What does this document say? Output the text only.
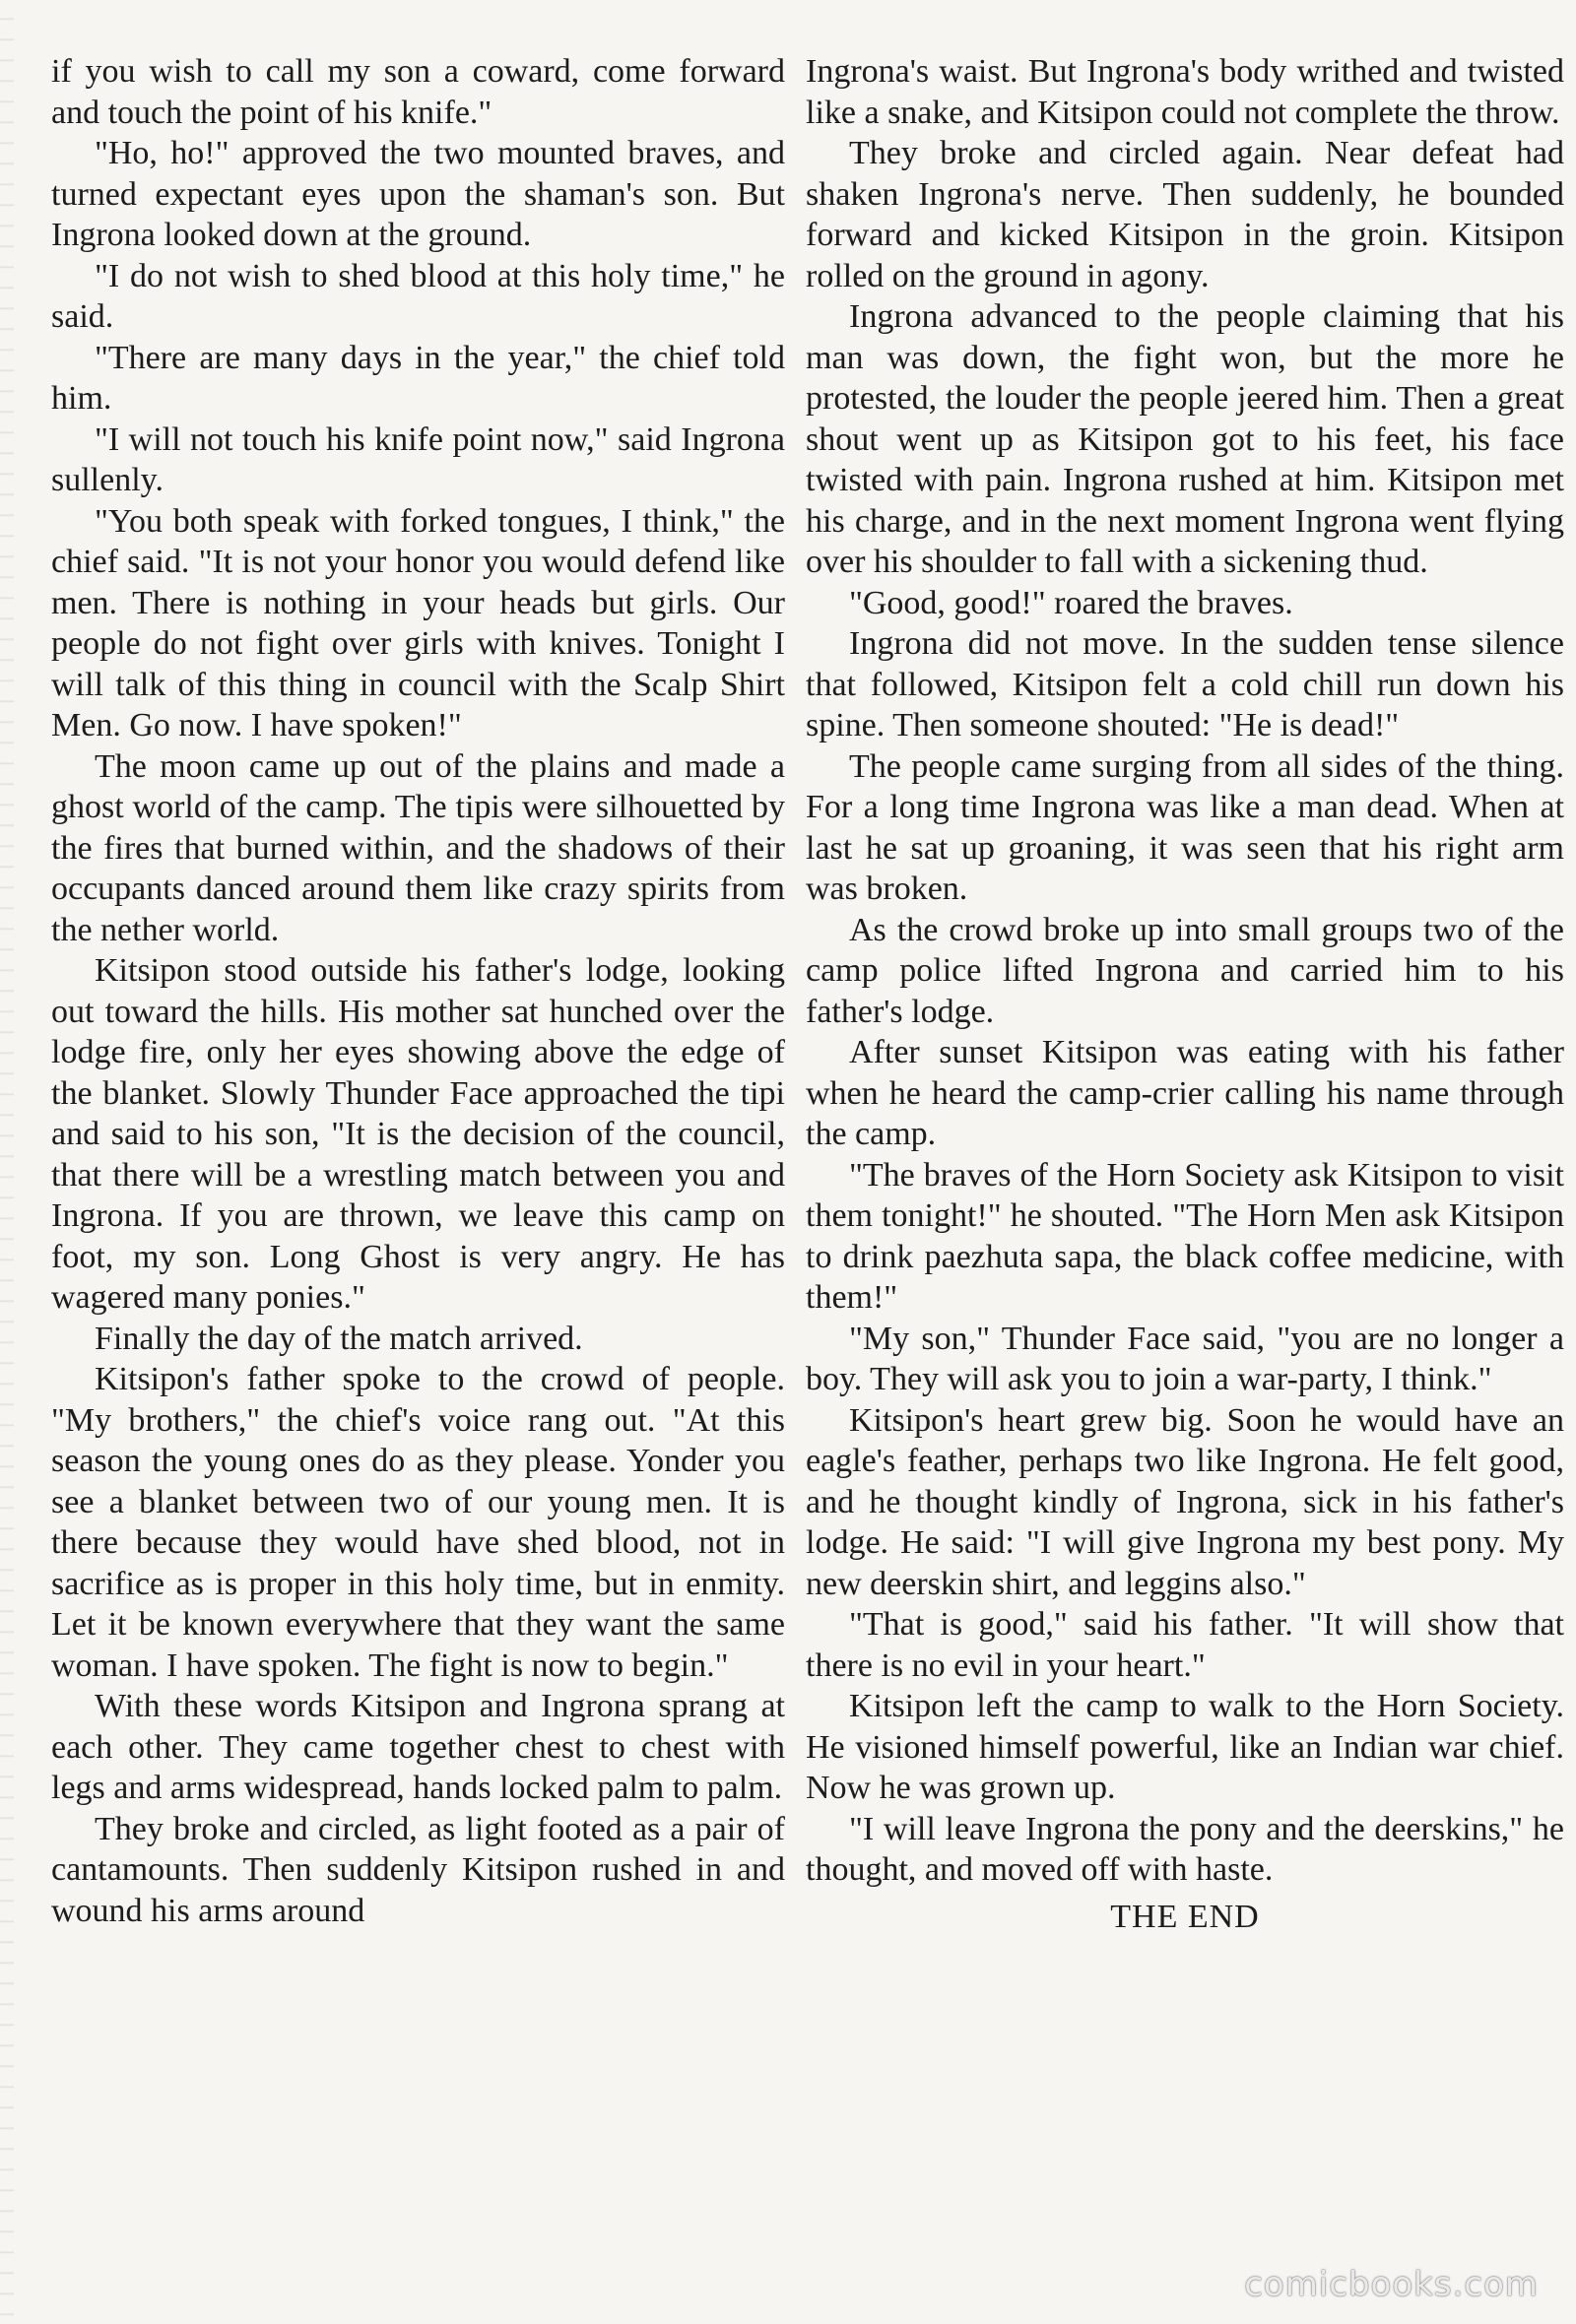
if you wish to call my son a coward, come forward and touch the point of his knife."

"Ho, ho!" approved the two mounted braves, and turned expectant eyes upon the shaman's son. But Ingrona looked down at the ground.

"I do not wish to shed blood at this holy time," he said.

"There are many days in the year," the chief told him.

"I will not touch his knife point now," said Ingrona sullenly.

"You both speak with forked tongues, I think," the chief said. "It is not your honor you would defend like men. There is nothing in your heads but girls. Our people do not fight over girls with knives. Tonight I will talk of this thing in council with the Scalp Shirt Men. Go now. I have spoken!"

The moon came up out of the plains and made a ghost world of the camp. The tipis were silhouetted by the fires that burned within, and the shadows of their occupants danced around them like crazy spirits from the nether world.

Kitsipon stood outside his father's lodge, looking out toward the hills. His mother sat hunched over the lodge fire, only her eyes showing above the edge of the blanket. Slowly Thunder Face approached the tipi and said to his son, "It is the decision of the council, that there will be a wrestling match between you and Ingrona. If you are thrown, we leave this camp on foot, my son. Long Ghost is very angry. He has wagered many ponies."

Finally the day of the match arrived.

Kitsipon's father spoke to the crowd of people. "My brothers," the chief's voice rang out. "At this season the young ones do as they please. Yonder you see a blanket between two of our young men. It is there because they would have shed blood, not in sacrifice as is proper in this holy time, but in enmity. Let it be known everywhere that they want the same woman. I have spoken. The fight is now to begin."

With these words Kitsipon and Ingrona sprang at each other. They came together chest to chest with legs and arms widespread, hands locked palm to palm.

They broke and circled, as light footed as a pair of cantamounts. Then suddenly Kitsipon rushed in and wound his arms around

Ingrona's waist. But Ingrona's body writhed and twisted like a snake, and Kitsipon could not complete the throw.

They broke and circled again. Near defeat had shaken Ingrona's nerve. Then suddenly, he bounded forward and kicked Kitsipon in the groin. Kitsipon rolled on the ground in agony.

Ingrona advanced to the people claiming that his man was down, the fight won, but the more he protested, the louder the people jeered him. Then a great shout went up as Kitsipon got to his feet, his face twisted with pain. Ingrona rushed at him. Kitsipon met his charge, and in the next moment Ingrona went flying over his shoulder to fall with a sickening thud.

"Good, good!" roared the braves.

Ingrona did not move. In the sudden tense silence that followed, Kitsipon felt a cold chill run down his spine. Then someone shouted: "He is dead!"

The people came surging from all sides of the thing. For a long time Ingrona was like a man dead. When at last he sat up groaning, it was seen that his right arm was broken.

As the crowd broke up into small groups two of the camp police lifted Ingrona and carried him to his father's lodge.

After sunset Kitsipon was eating with his father when he heard the camp-crier calling his name through the camp.

"The braves of the Horn Society ask Kitsipon to visit them tonight!" he shouted. "The Horn Men ask Kitsipon to drink paezhuta sapa, the black coffee medicine, with them!"

"My son," Thunder Face said, "you are no longer a boy. They will ask you to join a war-party, I think."

Kitsipon's heart grew big. Soon he would have an eagle's feather, perhaps two like Ingrona. He felt good, and he thought kindly of Ingrona, sick in his father's lodge. He said: "I will give Ingrona my best pony. My new deerskin shirt, and leggins also."

"That is good," said his father. "It will show that there is no evil in your heart."

Kitsipon left the camp to walk to the Horn Society. He visioned himself powerful, like an Indian war chief. Now he was grown up.

"I will leave Ingrona the pony and the deerskins," he thought, and moved off with haste.

THE END

comicbooks.com
